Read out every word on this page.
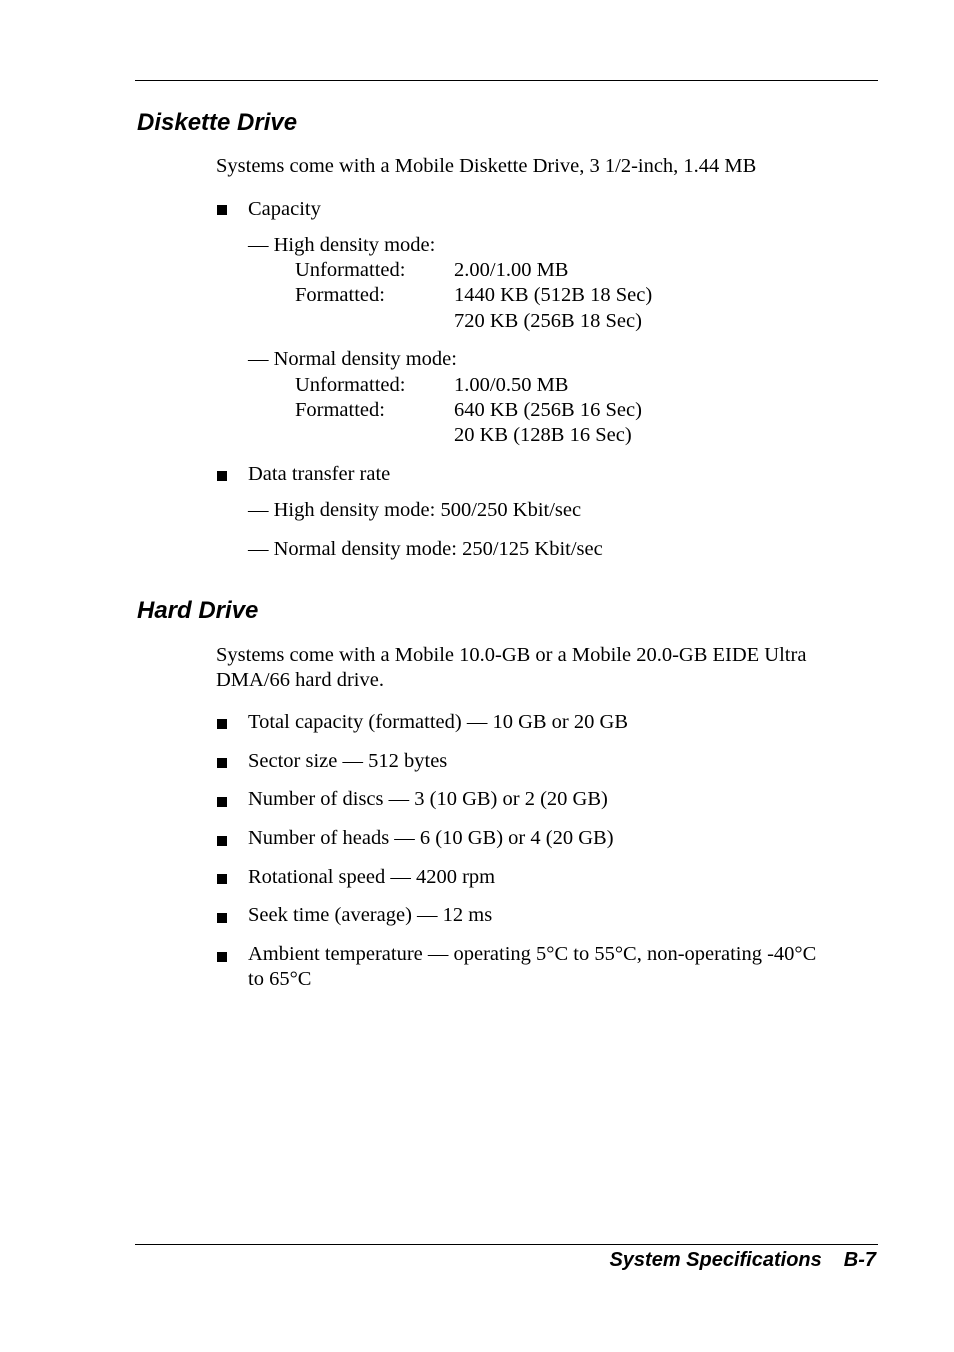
Diskette Drive
Systems come with a Mobile Diskette Drive, 3 1/2-inch, 1.44 MB
Capacity
— High density mode:
Unformatted: 2.00/1.00 MB
Formatted:	1440 KB (512B 18 Sec)
720 KB (256B 18 Sec)
— Normal density mode:
Unformatted: 1.00/0.50 MB
Formatted:	640 KB (256B 16 Sec)
20 KB (128B 16 Sec)
Data transfer rate
— High density mode: 500/250 Kbit/sec
— Normal density mode: 250/125 Kbit/sec
Hard Drive
Systems come with a Mobile 10.0-GB or a Mobile 20.0-GB EIDE Ultra
DMA/66 hard drive.
Total capacity (formatted) — 10 GB or 20 GB
Sector size — 512 bytes
Number of discs — 3 (10 GB) or 2 (20 GB)
Number of heads — 6 (10 GB) or 4 (20 GB)
Rotational speed — 4200 rpm
Seek time (average) — 12 ms
Ambient temperature — operating 5°C to 55°C, non-operating -40°C
to 65°C
System Specifications B-7
